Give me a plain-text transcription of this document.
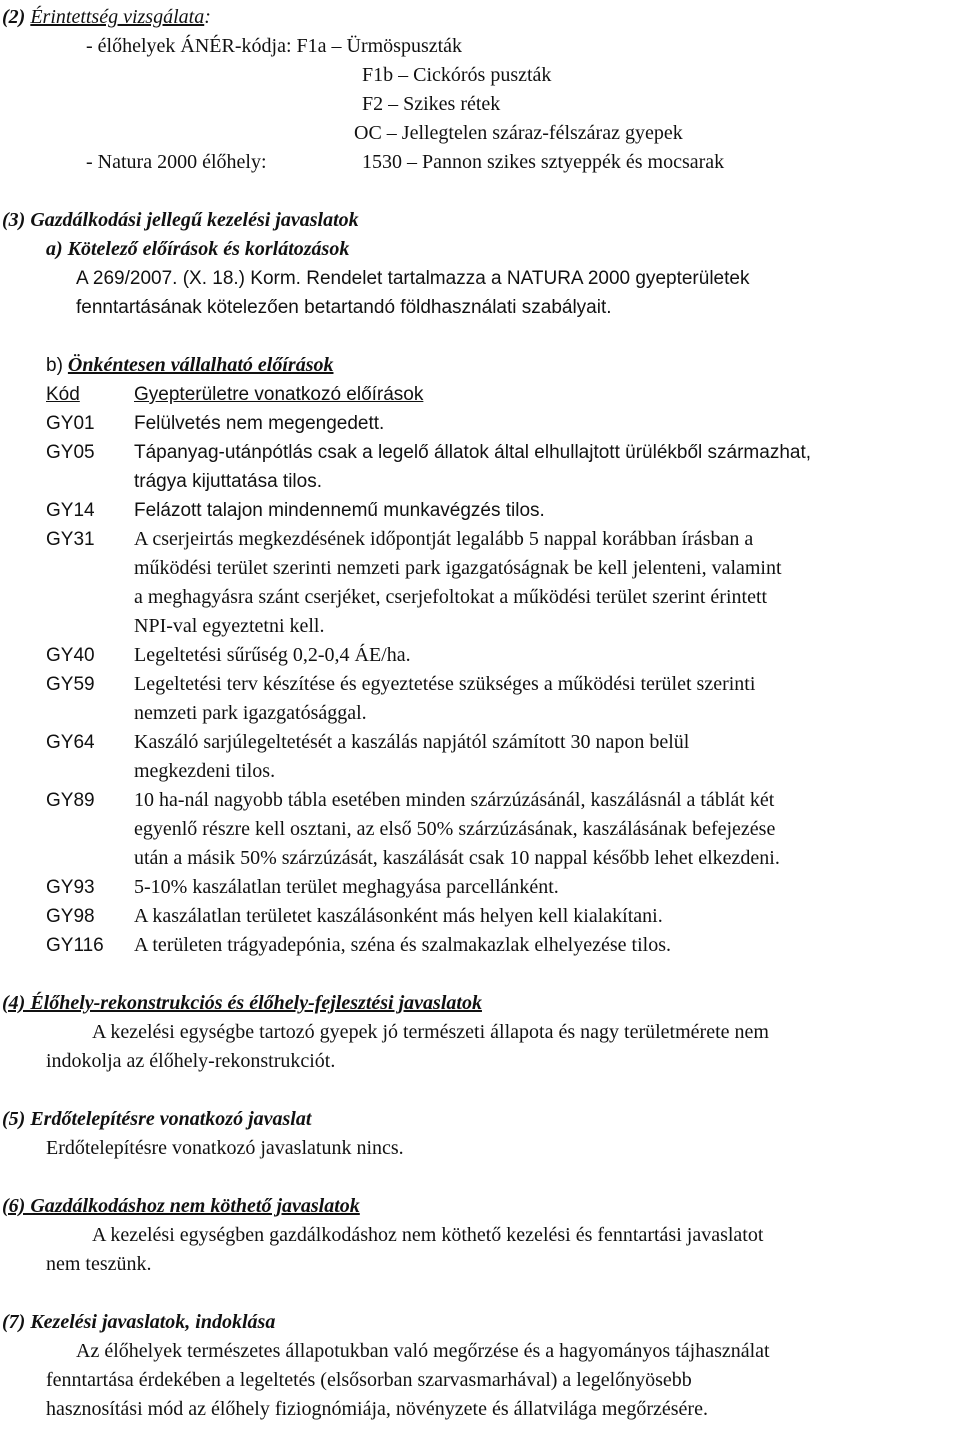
(2) Érintettség vizsgálata:
- élőhelyek ÁNÉR-kódja: F1a – Ürmöspuszták
F1b – Cickórós puszták
F2 – Szikes rétek
OC – Jellegtelen száraz-félszáraz gyepek
- Natura 2000 élőhely:	1530 – Pannon szikes sztyeppék és mocsarak
(3) Gazdálkodási jellegű kezelési javaslatok
a) Kötelező előírások és korlátozások
A 269/2007. (X. 18.) Korm. Rendelet tartalmazza a NATURA 2000 gyepterületek
fenntartásának kötelezően betartandó földhasználati szabályait.
b) Önkéntesen vállalható előírások
Kód	Gyepterületre vonatkozó előírások
GY01 Felülvetés nem megengedett.
GY05 Tápanyag-utánpótlás csak a legelő állatok által elhullajtott ürülékből származhat,
trágya kijuttatása tilos.
GY14 Felázott talajon mindennemű munkavégzés tilos.
GY31 A cserjeirtás megkezdésének időpontját legalább 5 nappal korábban írásban a
működési terület szerinti nemzeti park igazgatóságnak be kell jelenteni, valamint
a meghagyásra szánt cserjéket, cserjefoltokat a működési terület szerint érintett
NPI-val egyeztetni kell.
GY40 Legeltetési sűrűség 0,2-0,4 ÁE/ha.
GY59 Legeltetési terv készítése és egyeztetése szükséges a működési terület szerinti
nemzeti park igazgatósággal.
GY64 Kaszáló sarjúlegeltetését a kaszálás napjától számított 30 napon belül
megkezdeni tilos.
GY89 10 ha-nál nagyobb tábla esetében minden szárzúzásánál, kaszálásnál a táblát két
egyenlő részre kell osztani, az első 50% szárzúzásának, kaszálásának befejezése
után a másik 50% szárzúzását, kaszálását csak 10 nappal később lehet elkezdeni.
GY93 5-10% kaszálatlan terület meghagyása parcellánként.
GY98 A kaszálatlan területet kaszálásonként más helyen kell kialakítani.
GY116 A területen trágyadepónia, széna és szalmakazlak elhelyezése tilos.
(4) Élőhely-rekonstrukciós és élőhely-fejlesztési javaslatok
A kezelési egységbe tartozó gyepek jó természeti állapota és nagy területmérete nem
indokolja az élőhely-rekonstrukciót.
(5) Erdőtelepítésre vonatkozó javaslat
Erdőtelepítésre vonatkozó javaslatunk nincs.
(6) Gazdálkodáshoz nem köthető javaslatok
A kezelési egységben gazdálkodáshoz nem köthető kezelési és fenntartási javaslatot
nem teszünk.
(7) Kezelési javaslatok, indoklása
Az élőhelyek természetes állapotukban való megőrzése és a hagyományos tájhasználat
fenntartása érdekében a legeltetés (elsősorban szarvasmarhával) a legelőnyösebb
hasznosítási mód az élőhely fiziognómiája, növényzete és állatvilága megőrzésére.
